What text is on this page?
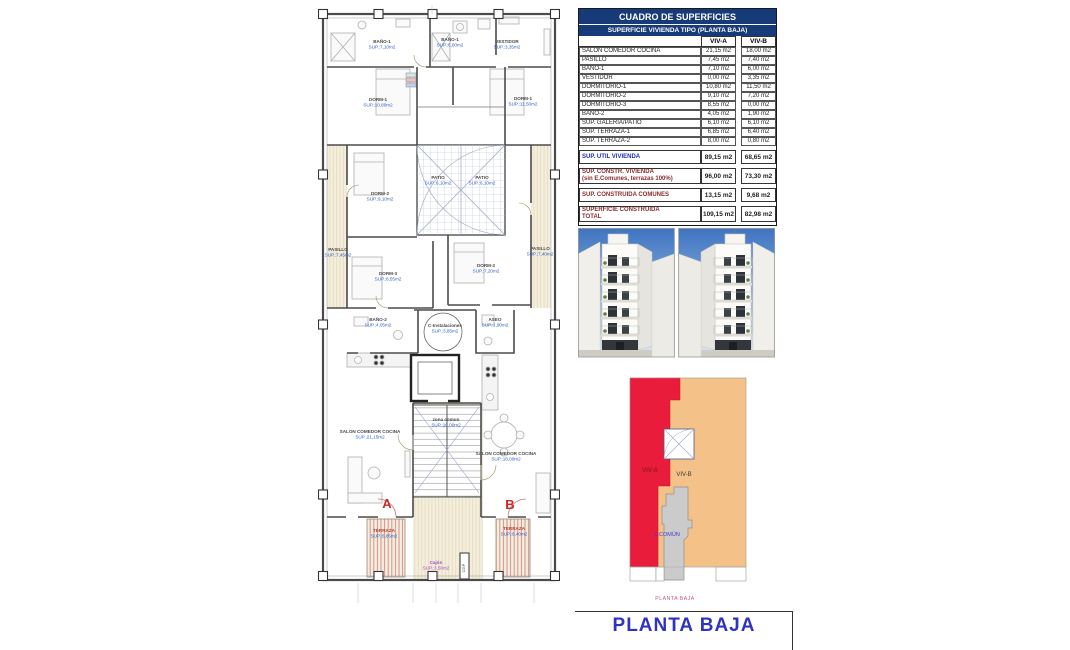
BAÑO-1
SUP.:7,10m2
BAÑO-1
SUP.:6,00m2
VESTIDOR
SUP.:3,35m2
DORM-1
SUP.:10,80m2
DORM-1
SUP.:11,50m2
DORM-2
SUP.:9,10m2
PATIO
SUP.:6,10m2
PATIO
SUP.:6,10m2
PASILLO
SUP.:7,45m2
PASILLO
SUP.:7,40m2
DORM-3
SUP.:8,55m2
DORM-2
SUP.:7,20m2
BAÑO-2
SUP.:4,05m2	C-Instalaciones
SUP.:3,85m2
ASEO
SUP.:1,90m2
SALON COMEDOR COCINA
SUP.:21,15m2
zona comun
SUP.:10,00m2
SALON COMEDOR COCINA
SUP.:18,00m2
TERRAZA
SUP.:6,85m2
TERRAZA
SUP.:6,40m2
Cajón
SUP.:3,50m2
A	B
CGP
CUADRO DE SUPERFICIES
SUPERFICIE VIVIENDA TIPO (PLANTA BAJA)
VIV-A	VIV-B
SALON COMEDOR COCINA	21,15 m2	18,00 m2
PASILLO	7,45 m2	7,40 m2
BAÑO-1	7,10 m2	6,00 m2
VESTIDOR	0,00 m2	3,35 m2
DORMITORIO-1	10,80 m2	11,50 m2
DORMITORIO-2	9,10 m2	7,20 m2
DORMITORIO-3	8,55 m2	0,00 m2
BAÑO-2	4,05 m2	1,90 m2
SUP. GALERIA/PATIO	6,10 m2	6,10 m2
SUP. TERRAZA-1	6,85 m2	6,40 m2
SUP. TERRAZA-2	8,00 m2	0,80 m2
SUP. UTIL VIVIENDA	89,15 m2	68,65 m2
SUP. CONSTR. VIVIENDA
(sin E.Comunes, terrazas 100%)	96,00 m2	73,30 m2
SUP. CONSTRUIDA COMUNES	13,15 m2	9,68 m2
SUPERFICIE CONSTRUIDA
TOTAL	109,15 m2	82,98 m2
VIV-A
VIV-B
Z.COMÚN
PLANTA BAJA
PLANTA BAJA
